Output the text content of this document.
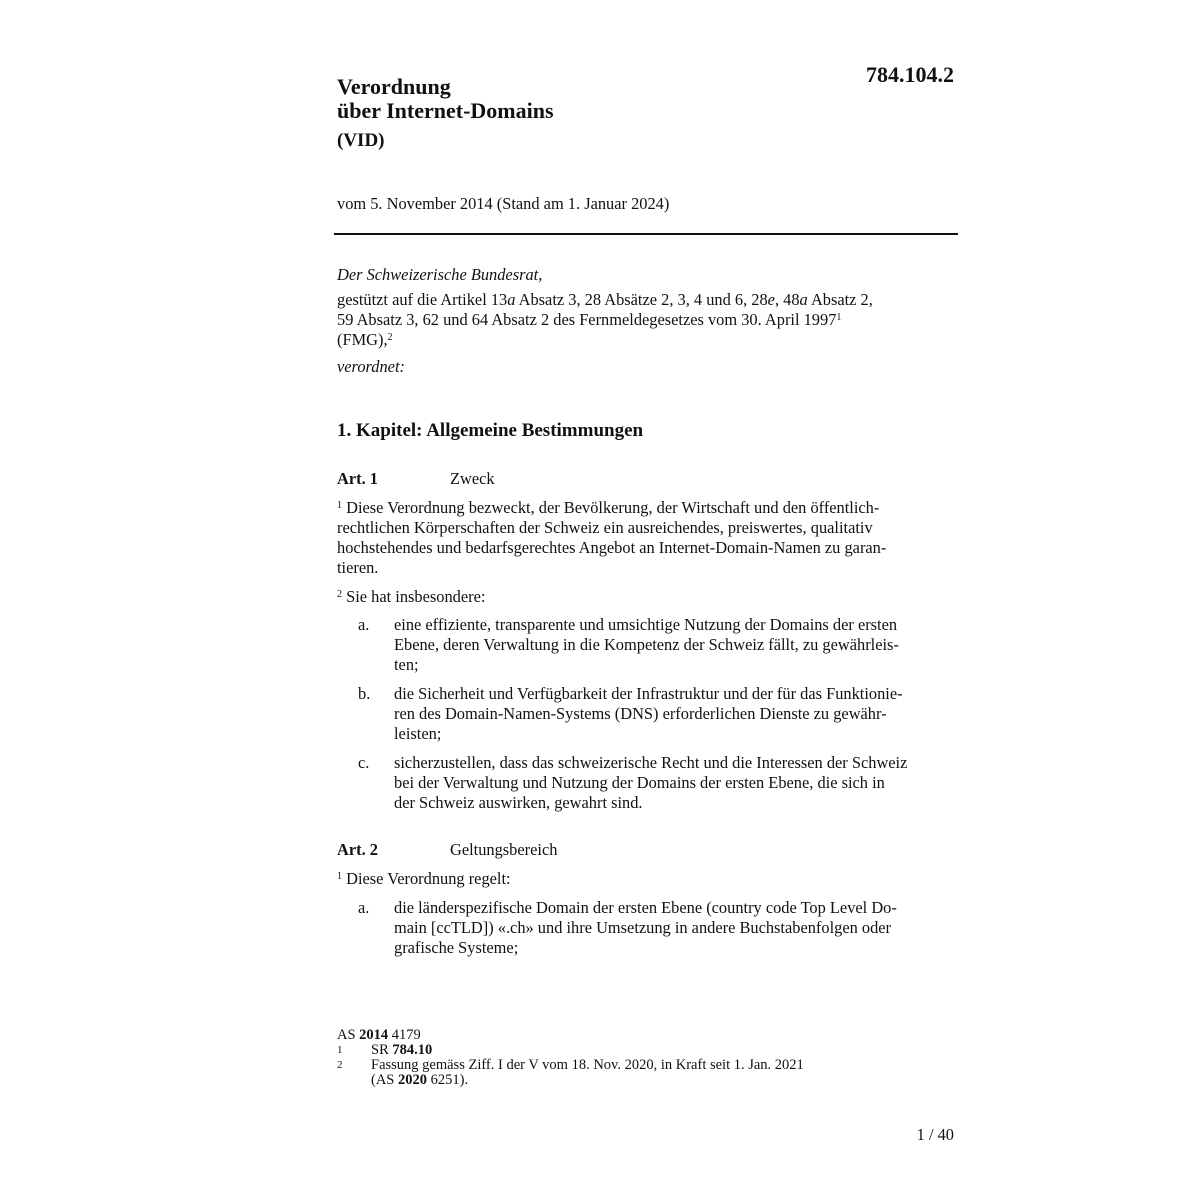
Verordnung
über Internet-Domains
(VID)
784.104.2
vom 5. November 2014 (Stand am 1. Januar 2024)
Der Schweizerische Bundesrat,
gestützt auf die Artikel 13a Absatz 3, 28 Absätze 2, 3, 4 und 6, 28e, 48a Absatz 2,
59 Absatz 3, 62 und 64 Absatz 2 des Fernmeldegesetzes vom 30. April 1997$^1$
(FMG),$^2$
verordnet:
1. Kapitel: Allgemeine Bestimmungen
Art. 1	Zweck
$^1$ Diese Verordnung bezweckt, der Bevölkerung, der Wirtschaft und den öffentlich-
rechtlichen Körperschaften der Schweiz ein ausreichendes, preiswertes, qualitativ
hochstehendes und bedarfsgerechtes Angebot an Internet-Domain-Namen zu garan-
tieren.
$^2$ Sie hat insbesondere:
a.	eine effiziente, transparente und umsichtige Nutzung der Domains der ersten
Ebene, deren Verwaltung in die Kompetenz der Schweiz fällt, zu gewährleis-
ten;
b.	die Sicherheit und Verfügbarkeit der Infrastruktur und der für das Funktionie-
ren des Domain-Namen-Systems (DNS) erforderlichen Dienste zu gewähr-
leisten;
c.	sicherzustellen, dass das schweizerische Recht und die Interessen der Schweiz
bei der Verwaltung und Nutzung der Domains der ersten Ebene, die sich in
der Schweiz auswirken, gewahrt sind.
Art. 2	Geltungsbereich
$^1$ Diese Verordnung regelt:
a.	die länderspezifische Domain der ersten Ebene (country code Top Level Do-
main [ccTLD]) «.ch» und ihre Umsetzung in andere Buchstabenfolgen oder
grafische Systeme;
AS 2014 4179
1	SR 784.10
2	Fassung gemäss Ziff. I der V vom 18. Nov. 2020, in Kraft seit 1. Jan. 2021
(AS 2020 6251).
1 / 40
